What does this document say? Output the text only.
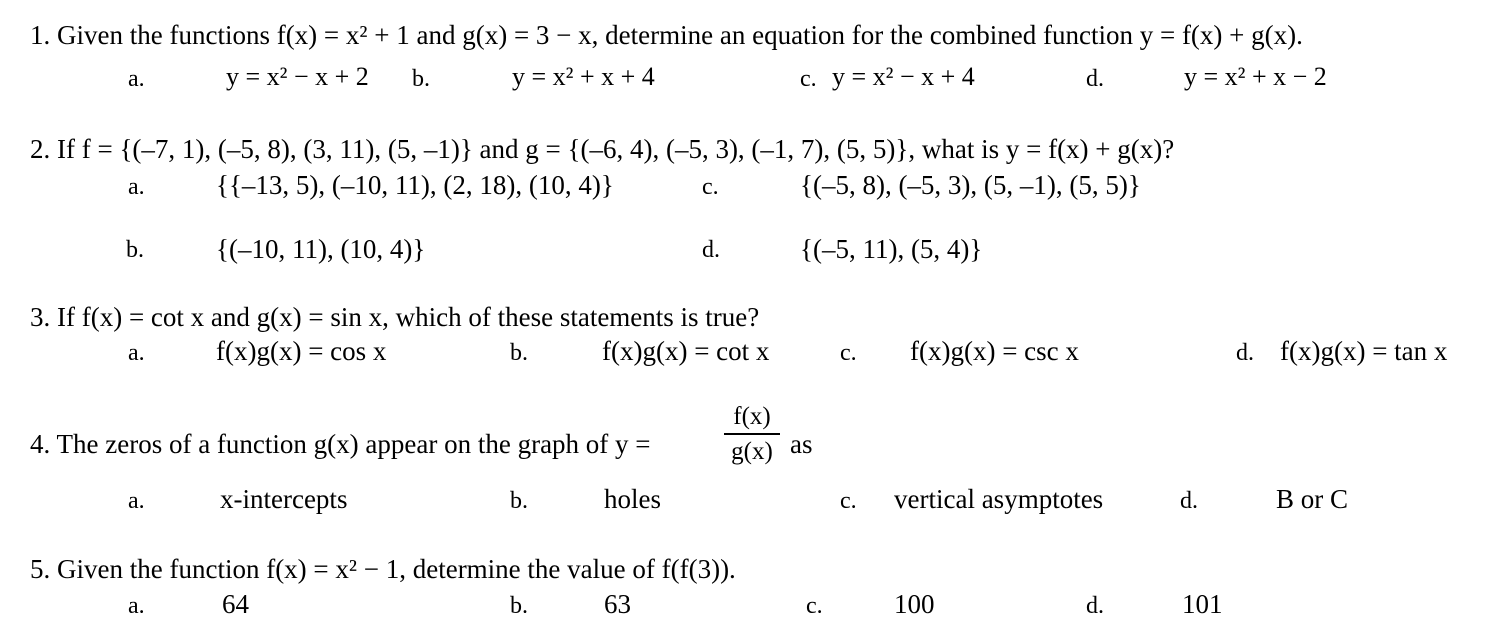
1. Given the functions f(x) = x² + 1 and g(x) = 3 − x, determine an equation for the combined function y = f(x) + g(x).
a.	y = x² − x + 2 b.	y = x² + x + 4	c. y = x² − x + 4	d.	y = x² + x − 2
2. If f = {(–7, 1), (–5, 8), (3, 11), (5, –1)} and g = {(–6, 4), (–5, 3), (–1, 7), (5, 5)}, what is y = f(x) + g(x)?
a.	{{–13, 5), (–10, 11), (2, 18), (10, 4)}	c.	{(–5, 8), (–5, 3), (5, –1), (5, 5)}
b.	{(–10, 11), (10, 4)}	d.	{(–5, 11), (5, 4)}
3. If f(x) = cot x and g(x) = sin x, which of these statements is true?
a.	f(x)g(x) = cos x	b.	f(x)g(x) = cot x	c. f(x)g(x) = csc x	d. f(x)g(x) = tan x
4. The zeros of a function g(x) appear on the graph of y =
f(x)
g(x) as
a.	x-intercepts	b.	holes	c. vertical asymptotes	d.	B or C
5. Given the function f(x) = x² − 1, determine the value of f(f(3)).
a.	64	b.	63	c.	100	d.	101
